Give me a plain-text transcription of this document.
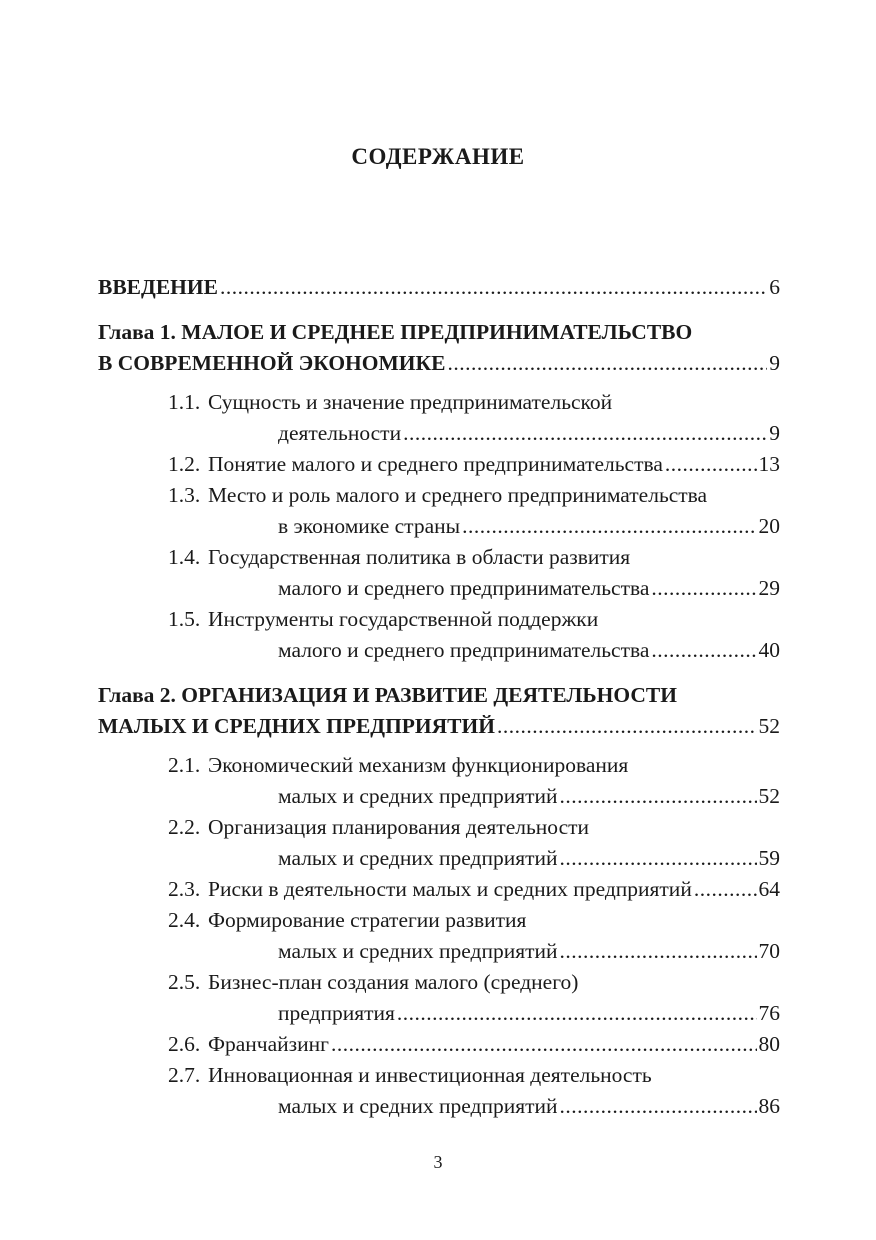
СОДЕРЖАНИЕ
ВВЕДЕНИЕ .....	6
Глава 1. МАЛОЕ И СРЕДНЕЕ ПРЕДПРИНИМАТЕЛЬСТВО
В СОВРЕМЕННОЙ ЭКОНОМИКЕ .....	9
1.1. Сущность и значение предпринимательской
деятельности .....	9
1.2. Понятие малого и среднего предпринимательства .....	13
1.3. Место и роль малого и среднего предпринимательства
в экономике страны .....	20
1.4. Государственная политика в области развития
малого и среднего предпринимательства .....	29
1.5. Инструменты государственной поддержки
малого и среднего предпринимательства .....	40
Глава 2. ОРГАНИЗАЦИЯ И РАЗВИТИЕ ДЕЯТЕЛЬНОСТИ
МАЛЫХ И СРЕДНИХ ПРЕДПРИЯТИЙ .....	52
2.1. Экономический механизм функционирования
малых и средних предприятий .....	52
2.2. Организация планирования деятельности
малых и средних предприятий .....	59
2.3. Риски в деятельности малых и средних предприятий .....	64
2.4. Формирование стратегии развития
малых и средних предприятий .....	70
2.5. Бизнес-план создания малого (среднего)
предприятия .....	76
2.6. Франчайзинг .....	80
2.7. Инновационная и инвестиционная деятельность
малых и средних предприятий .....	86
3
